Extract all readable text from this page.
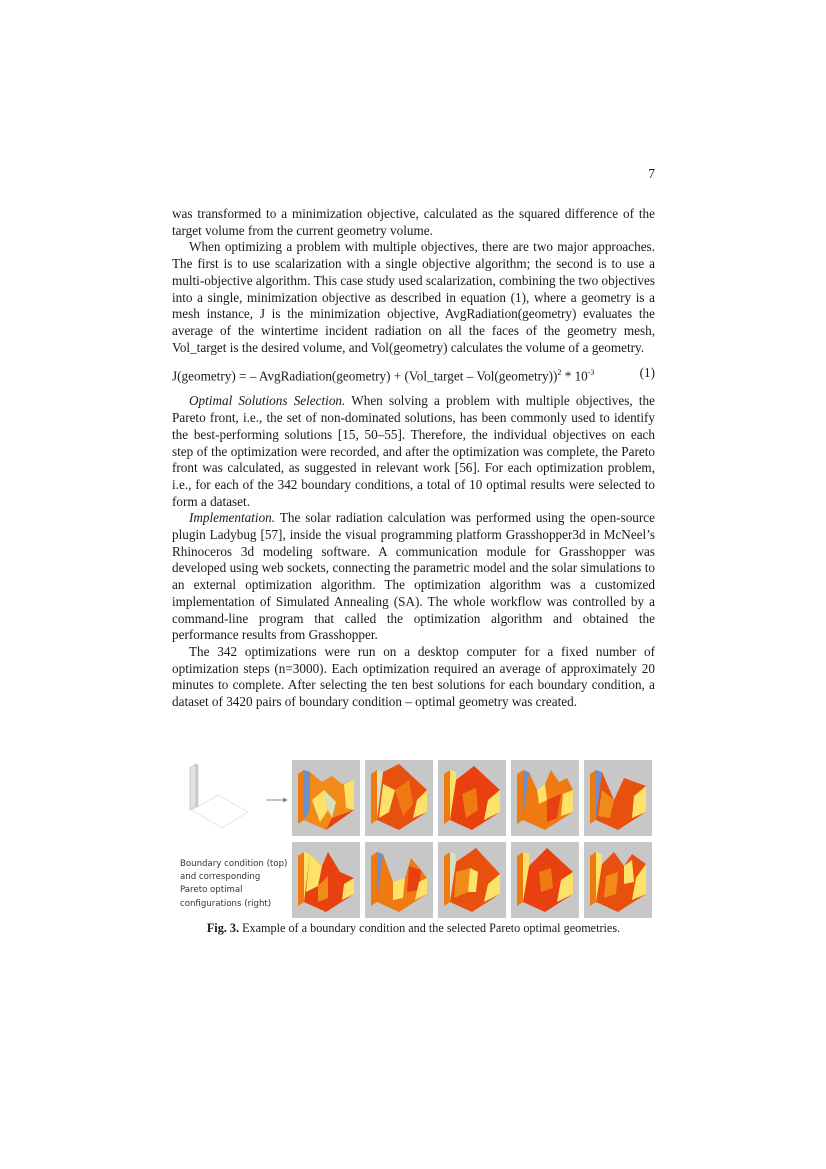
7

was transformed to a minimization objective, calculated as the squared difference of the target volume from the current geometry volume.

When optimizing a problem with multiple objectives, there are two major approaches. The first is to use scalarization with a single objective algorithm; the second is to use a multi-objective algorithm. This case study used scalarization, combining the two objectives into a single, minimization objective as described in equation (1), where a geometry is a mesh instance, J is the minimization objective, AvgRadiation(geometry) evaluates the average of the wintertime incident radiation on all the faces of the geometry mesh, Vol_target is the desired volume, and Vol(geometry) calculates the volume of a geometry.

J(geometry) = – AvgRadiation(geometry) + (Vol_target – Vol(geometry))$^2$ * $10^{-3}$	(1)

Optimal Solutions Selection. When solving a problem with multiple objectives, the Pareto front, i.e., the set of non-dominated solutions, has been commonly used to identify the best-performing solutions [15, 50–55]. Therefore, the individual objectives on each step of the optimization were recorded, and after the optimization was complete, the Pareto front was calculated, as suggested in relevant work [56]. For each optimization problem, i.e., for each of the 342 boundary conditions, a total of 10 optimal results were selected to form a dataset.

Implementation. The solar radiation calculation was performed using the open-source plugin Ladybug [57], inside the visual programming platform Grasshopper3d in McNeel’s Rhinoceros 3d modeling software. A communication module for Grasshopper was developed using web sockets, connecting the parametric model and the solar simulations to an external optimization algorithm. The optimization algorithm was a customized implementation of Simulated Annealing (SA). The whole workflow was controlled by a command-line program that called the optimization algorithm and obtained the performance results from Grasshopper.

The 342 optimizations were run on a desktop computer for a fixed number of optimization steps (n=3000). Each optimization required an average of approximately 20 minutes to complete. After selecting the ten best solutions for each boundary condition, a dataset of 3420 pairs of boundary condition – optimal geometry was created.

Boundary condition (top)
and corresponding
Pareto optimal
configurations (right)
Fig. 3. Example of a boundary condition and the selected Pareto optimal geometries.
